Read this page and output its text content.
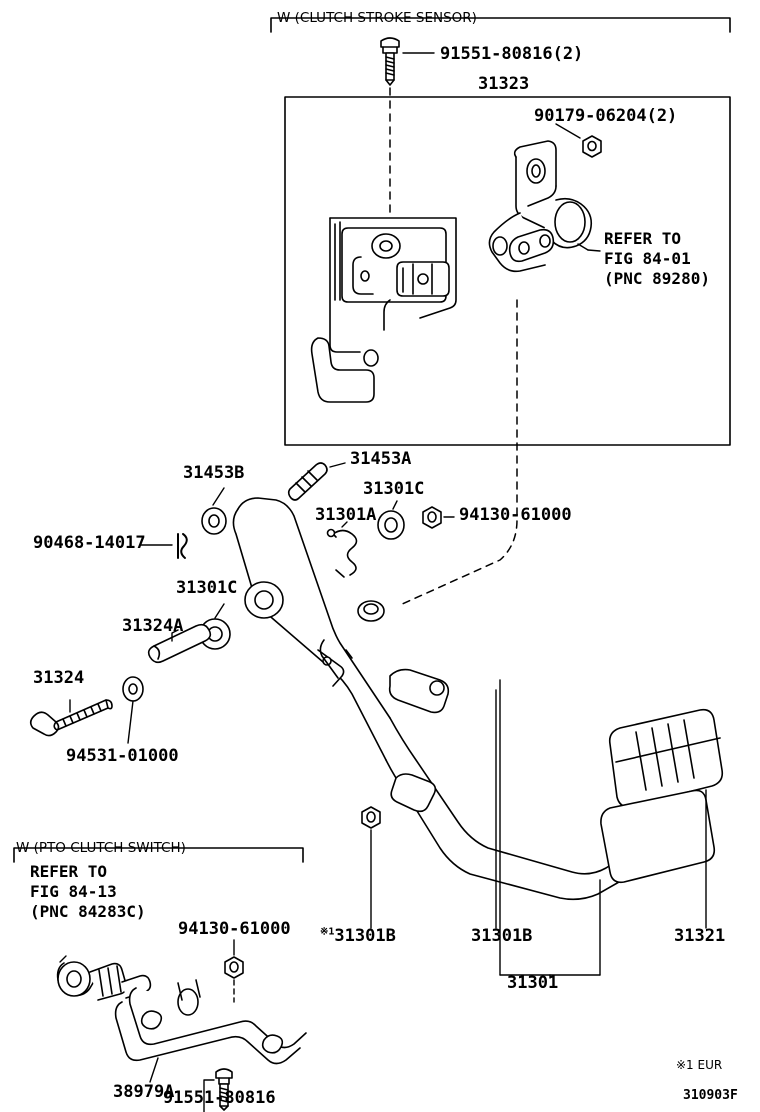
W (CLUTCH STROKE SENSOR)
W (PTO CLUTCH SWITCH)
91551-80816(2)
31323
90179-06204(2)
REFER TO
FIG 84-01
(PNC 89280)
31453B
31453A
31301C
31301A	94130-61000
90468-14017
31301C
31324A
31324
94531-01000
REFER TO
FIG 84-13
(PNC 84283C)
94130-61000	$^{※1}$31301B	31301B	31321
31301
38979A
91551-80816
※1 EUR
310903F
